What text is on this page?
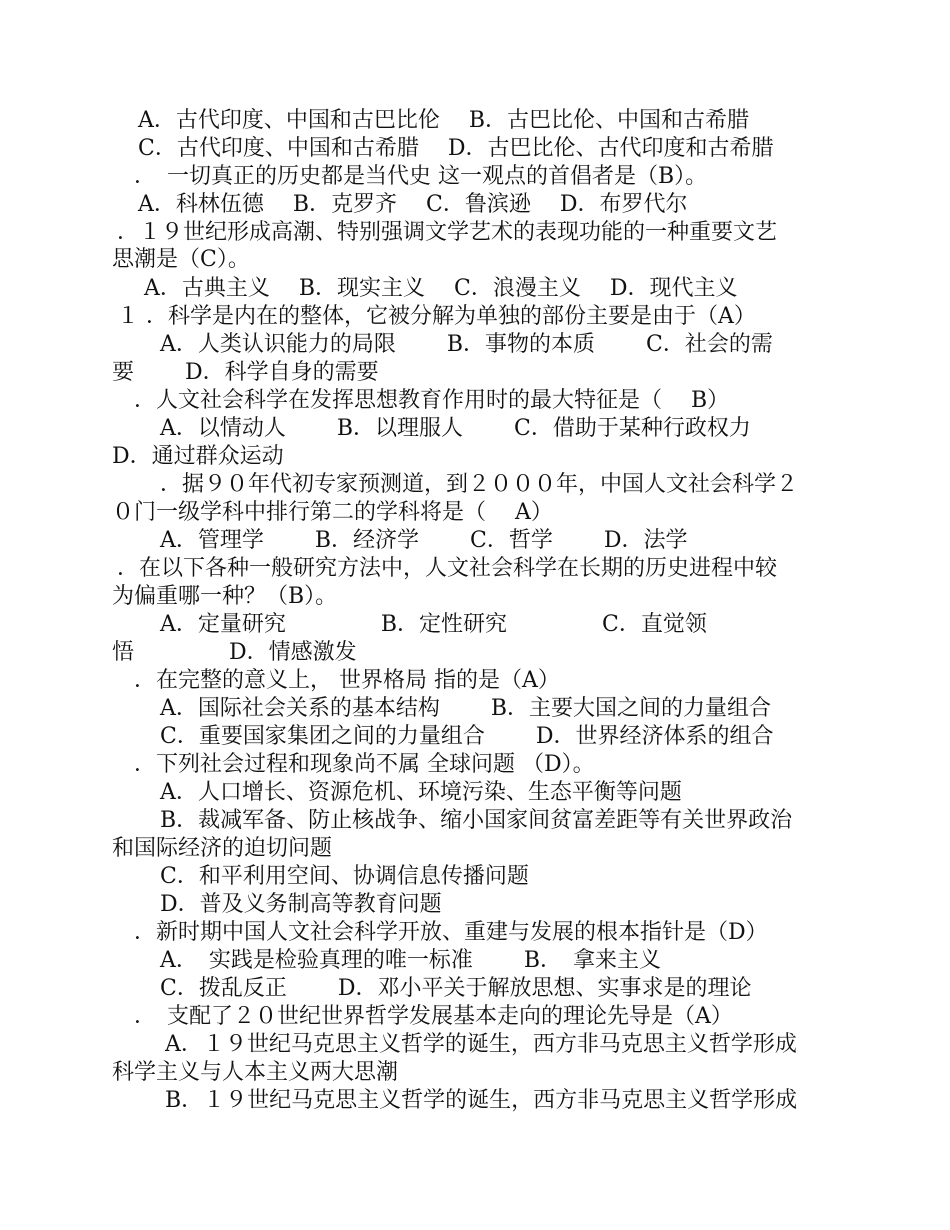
A．古代印度、中国和古巴比伦　 B．古巴比伦、中国和古希腊
C．古代印度、中国和古希腊　 D．古巴比伦、古代印度和古希腊
．　一切真正的历史都是当代史 这一观点的首倡者是（B）。
A．科林伍德　 B．克罗齐　 C．鲁滨逊　 D．布罗代尔
．１９世纪形成高潮、特别强调文学艺术的表现功能的一种重要文艺
思潮是（C）。
A．古典主义　 B．现实主义　 C．浪漫主义　 D．现代主义
１ ．科学是内在的整体，它被分解为单独的部份主要是由于（A）
A．人类认识能力的局限　　 B．事物的本质　　 C．社会的需
要　　 D．科学自身的需要
．人文社会科学在发挥思想教育作用时的最大特征是（　 B）
A．以情动人　　 B．以理服人　　 C．借助于某种行政权力
D．通过群众运动
．据９０年代初专家预测道，到２０００年，中国人文社会科学２
０门一级学科中排行第二的学科将是（　 A）
A．管理学　　 B．经济学　　 C．哲学　　 D．法学
．在以下各种一般研究方法中，人文社会科学在长期的历史进程中较
为偏重哪一种？（B）。
A．定量研究　　　　 B．定性研究　　　　 C．直觉领
悟　　　　 D．情感激发
．在完整的意义上， 世界格局 指的是（A）
A．国际社会关系的基本结构　　 B．主要大国之间的力量组合
C．重要国家集团之间的力量组合　　 D．世界经济体系的组合
．下列社会过程和现象尚不属 全球问题 （D）。
A．人口增长、资源危机、环境污染、生态平衡等问题
B．裁减军备、防止核战争、缩小国家间贫富差距等有关世界政治
和国际经济的迫切问题
C．和平利用空间、协调信息传播问题
D．普及义务制高等教育问题
．新时期中国人文社会科学开放、重建与发展的根本指针是（D）
A．　实践是检验真理的唯一标准　　 B．　拿来主义
C．拨乱反正　　 D．邓小平关于解放思想、实事求是的理论
．　支配了２０世纪世界哲学发展基本走向的理论先导是（A）
A．１９世纪马克思主义哲学的诞生，西方非马克思主义哲学形成
科学主义与人本主义两大思潮
B．１９世纪马克思主义哲学的诞生，西方非马克思主义哲学形成
